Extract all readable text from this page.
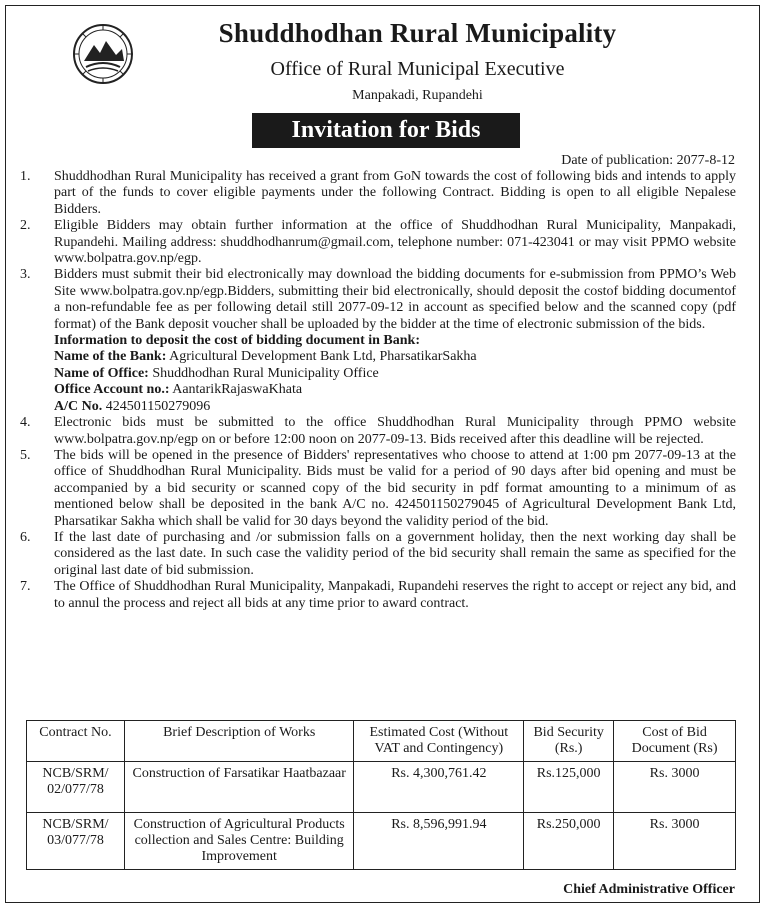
Shuddhodhan Rural Municipality
Office of Rural Municipal Executive
Manpakadi, Rupandehi
Invitation for Bids
Date of publication: 2077-8-12
1.	Shuddhodhan Rural Municipality has received a grant from GoN towards the cost of following bids and intends to apply part of the funds to cover eligible payments under the following Contract. Bidding is open to all eligible Nepalese Bidders.
2.	Eligible Bidders may obtain further information at the office of Shuddhodhan Rural Municipality, Manpakadi, Rupandehi. Mailing address: shuddhodhanrum@gmail.com, telephone number: 071-423041 or may visit PPMO website www.bolpatra.gov.np/egp.
3.	Bidders must submit their bid electronically may download the bidding documents for e-submission from PPMO’s Web Site www.bolpatra.gov.np/egp.Bidders, submitting their bid electronically, should deposit the costof bidding documentof a non-refundable fee as per following detail still 2077-09-12 in account as specified below and the scanned copy (pdf format) of the Bank deposit voucher shall be uploaded by the bidder at the time of electronic submission of the bids.
Information to deposit the cost of bidding document in Bank:
Name of the Bank: Agricultural Development Bank Ltd, PharsatikarSakha
Name of Office: Shuddhodhan Rural Municipality Office
Office Account no.: AantarikRajaswaKhata
A/C No. 424501150279096
4.	Electronic bids must be submitted to the office Shuddhodhan Rural Municipality through PPMO website www.bolpatra.gov.np/egp on or before 12:00 noon on 2077-09-13. Bids received after this deadline will be rejected.
5.	The bids will be opened in the presence of Bidders' representatives who choose to attend at 1:00 pm 2077-09-13 at the office of Shuddhodhan Rural Municipality. Bids must be valid for a period of 90 days after bid opening and must be accompanied by a bid security or scanned copy of the bid security in pdf format amounting to a minimum of as mentioned below shall be deposited in the bank A/C no. 424501150279045 of Agricultural Development Bank Ltd, Pharsatikar Sakha which shall be valid for 30 days beyond the validity period of the bid.
6.	If the last date of purchasing and /or submission falls on a government holiday, then the next working day shall be considered as the last date. In such case the validity period of the bid security shall remain the same as specified for the original last date of bid submission.
7.	The Office of Shuddhodhan Rural Municipality, Manpakadi, Rupandehi reserves the right to accept or reject any bid, and to annul the process and reject all bids at any time prior to award contract.
Contract No.	Brief Description of Works	Estimated Cost (Without VAT and Contingency)	Bid Security (Rs.)	Cost of Bid Document (Rs)
NCB/SRM/ 02/077/78	Construction of Farsatikar Haatbazaar	Rs. 4,300,761.42	Rs.125,000	Rs. 3000
NCB/SRM/ 03/077/78	Construction of Agricultural Products collection and Sales Centre: Building Improvement	Rs. 8,596,991.94	Rs.250,000	Rs. 3000
Chief Administrative Officer
